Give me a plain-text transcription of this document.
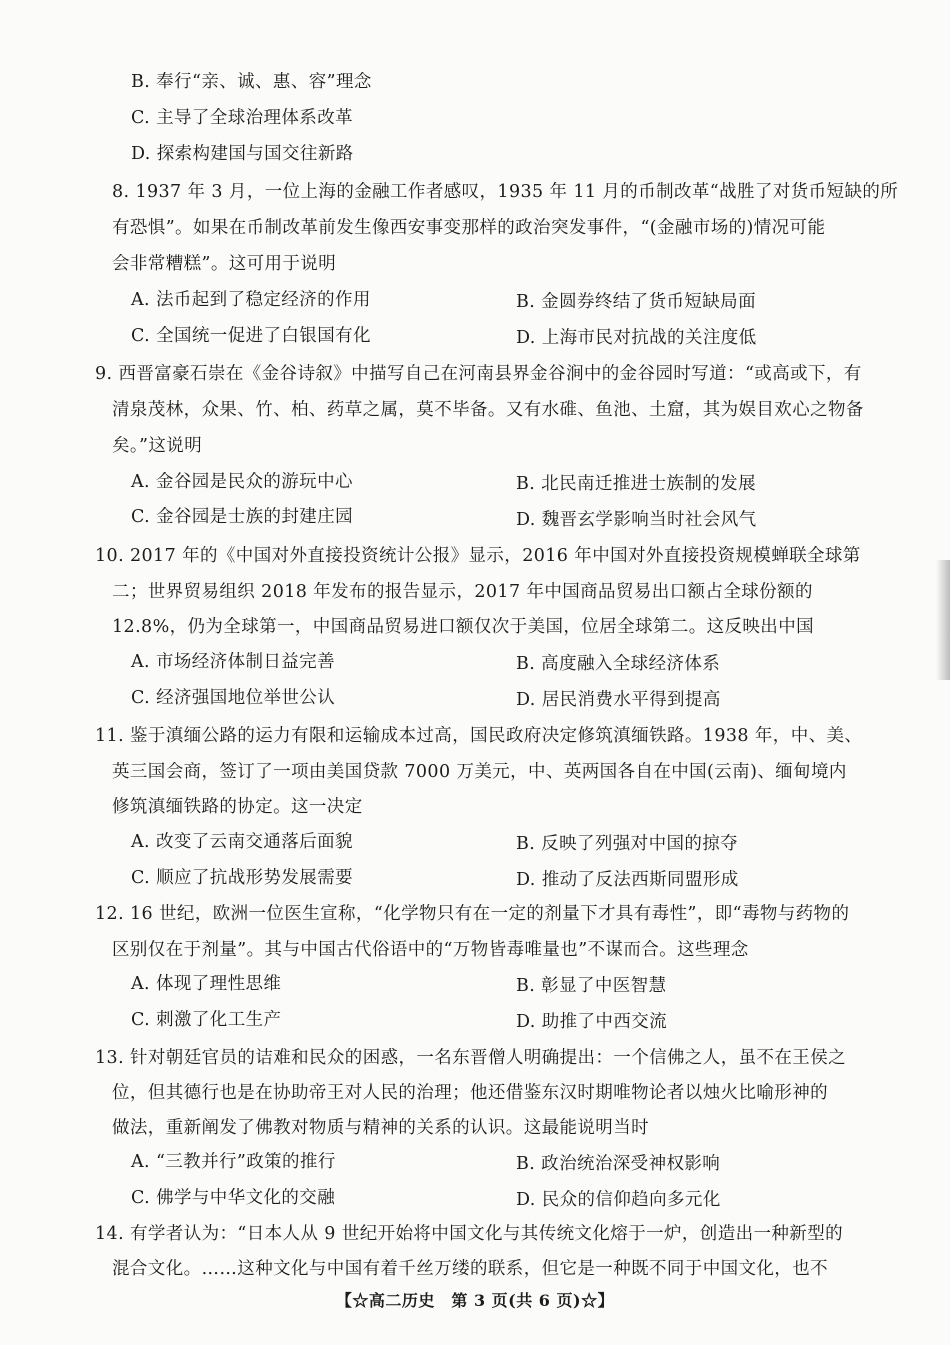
B. 奉行“亲、诚、惠、容”理念
C. 主导了全球治理体系改革
D. 探索构建国与国交往新路
8. 1937 年 3 月，一位上海的金融工作者感叹，1935 年 11 月的币制改革“战胜了对货币短缺的所
有恐惧”。如果在币制改革前发生像西安事变那样的政治突发事件，“(金融市场的)情况可能
会非常糟糕”。这可用于说明
A. 法币起到了稳定经济的作用	B. 金圆券终结了货币短缺局面
C. 全国统一促进了白银国有化	D. 上海市民对抗战的关注度低
9. 西晋富豪石崇在《金谷诗叙》中描写自己在河南县界金谷涧中的金谷园时写道：“或高或下，有
清泉茂林，众果、竹、柏、药草之属，莫不毕备。又有水碓、鱼池、土窟，其为娱目欢心之物备
矣。”这说明
A. 金谷园是民众的游玩中心	B. 北民南迁推进士族制的发展
C. 金谷园是士族的封建庄园	D. 魏晋玄学影响当时社会风气
10. 2017 年的《中国对外直接投资统计公报》显示，2016 年中国对外直接投资规模蝉联全球第
二；世界贸易组织 2018 年发布的报告显示，2017 年中国商品贸易出口额占全球份额的
12.8%，仍为全球第一，中国商品贸易进口额仅次于美国，位居全球第二。这反映出中国
A. 市场经济体制日益完善	B. 高度融入全球经济体系
C. 经济强国地位举世公认	D. 居民消费水平得到提高
11. 鉴于滇缅公路的运力有限和运输成本过高，国民政府决定修筑滇缅铁路。1938 年，中、美、
英三国会商，签订了一项由美国贷款 7000 万美元，中、英两国各自在中国(云南)、缅甸境内
修筑滇缅铁路的协定。这一决定
A. 改变了云南交通落后面貌	B. 反映了列强对中国的掠夺
C. 顺应了抗战形势发展需要	D. 推动了反法西斯同盟形成
12. 16 世纪，欧洲一位医生宣称，“化学物只有在一定的剂量下才具有毒性”，即“毒物与药物的
区别仅在于剂量”。其与中国古代俗语中的“万物皆毒唯量也”不谋而合。这些理念
A. 体现了理性思维	B. 彰显了中医智慧
C. 刺激了化工生产	D. 助推了中西交流
13. 针对朝廷官员的诘难和民众的困惑，一名东晋僧人明确提出：一个信佛之人，虽不在王侯之
位，但其德行也是在协助帝王对人民的治理；他还借鉴东汉时期唯物论者以烛火比喻形神的
做法，重新阐发了佛教对物质与精神的关系的认识。这最能说明当时
A. “三教并行”政策的推行	B. 政治统治深受神权影响
C. 佛学与中华文化的交融	D. 民众的信仰趋向多元化
14. 有学者认为：“日本人从 9 世纪开始将中国文化与其传统文化熔于一炉，创造出一种新型的
混合文化。……这种文化与中国有着千丝万缕的联系，但它是一种既不同于中国文化，也不
【☆高二历史　第 3 页(共 6 页)☆】
